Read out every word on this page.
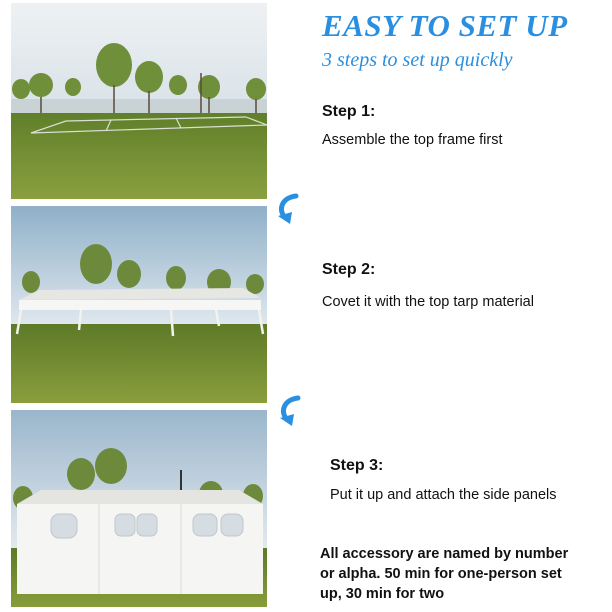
EASY TO SET UP
3 steps to set up quickly
Step 1:
Assemble the top frame first
Step 2:
Covet it with the top tarp material
Step 3:
Put it up and attach the side panels
All accessory are named by number
or alpha. 50 min for one-person set
up, 30 min for two
